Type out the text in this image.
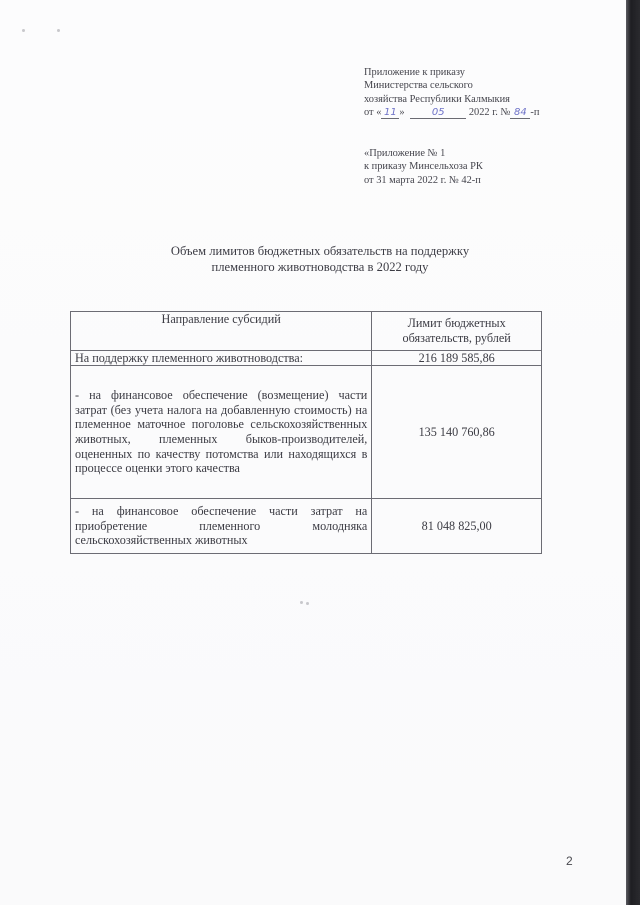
Приложение к приказу
Министерства сельского
хозяйства Республики Калмыкия
от « 11 »	05 2022 г. № 84 -п
«Приложение № 1
к приказу Минсельхоза РК
от 31 марта 2022 г. № 42-п
Объем лимитов бюджетных обязательств на поддержку
племенного животноводства в 2022 году
Направление субсидий	Лимит бюджетных обязательств, рублей
На поддержку племенного животноводства:	216 189 585,86
- на финансовое обеспечение (возмещение) части затрат (без учета налога на добавленную стоимость) на племенное маточное поголовье сельскохозяйственных животных, племенных быков-производителей, оцененных по качеству потомства или находящихся в процессе оценки этого качества	135 140 760,86
- на финансовое обеспечение части затрат на приобретение племенного молодняка сельскохозяйственных животных	81 048 825,00
2
